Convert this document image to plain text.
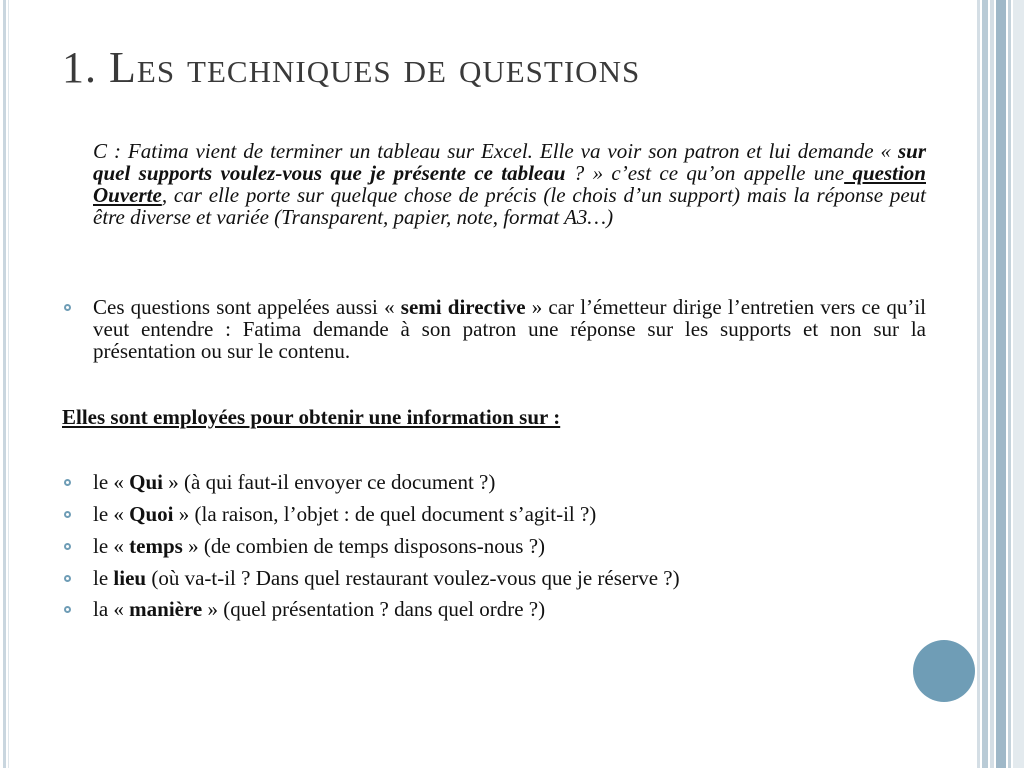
1. Les techniques de questions
C : Fatima vient de terminer un tableau sur Excel. Elle va voir son patron et lui demande « sur quel supports voulez-vous que je présente ce tableau ? » c’est ce qu’on appelle une question Ouverte, car elle porte sur quelque chose de précis (le chois d’un support) mais la réponse peut être diverse et variée (Transparent, papier, note, format A3…)
Ces questions sont appelées aussi « semi directive » car l’émetteur dirige l’entretien vers ce qu’il veut entendre : Fatima demande à son patron une réponse sur les supports et non sur la présentation ou sur le contenu.
Elles sont employées pour obtenir une information sur :
le « Qui » (à qui faut-il envoyer ce document ?)
le « Quoi » (la raison, l’objet : de quel document s’agit-il ?)
le « temps » (de combien de temps disposons-nous ?)
le lieu (où va-t-il ? Dans quel restaurant voulez-vous que je réserve ?)
la « manière » (quel présentation ? dans quel ordre ?)
